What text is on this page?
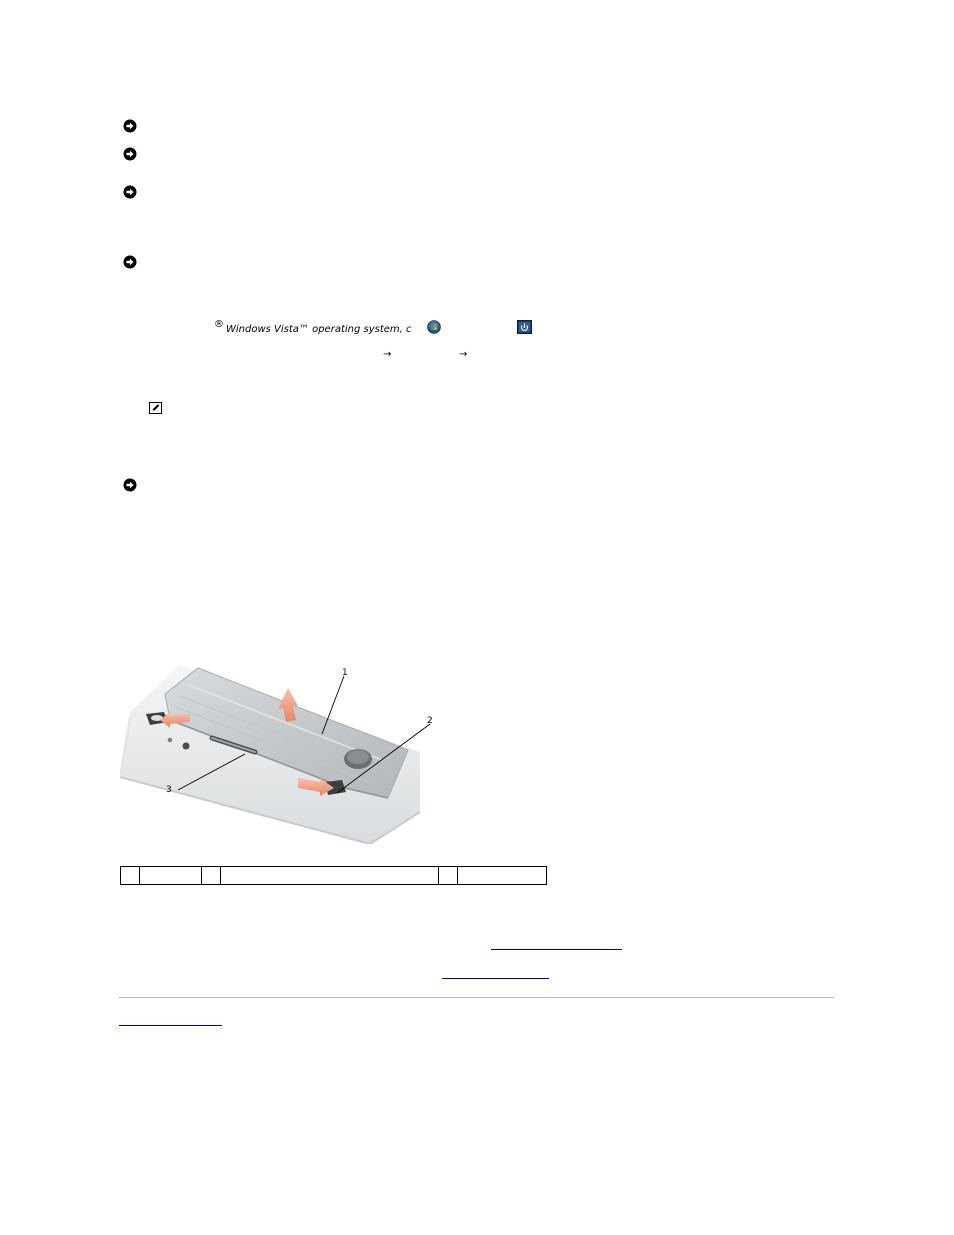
® Windows Vista™ operating system, c
→	→
1
2
3
